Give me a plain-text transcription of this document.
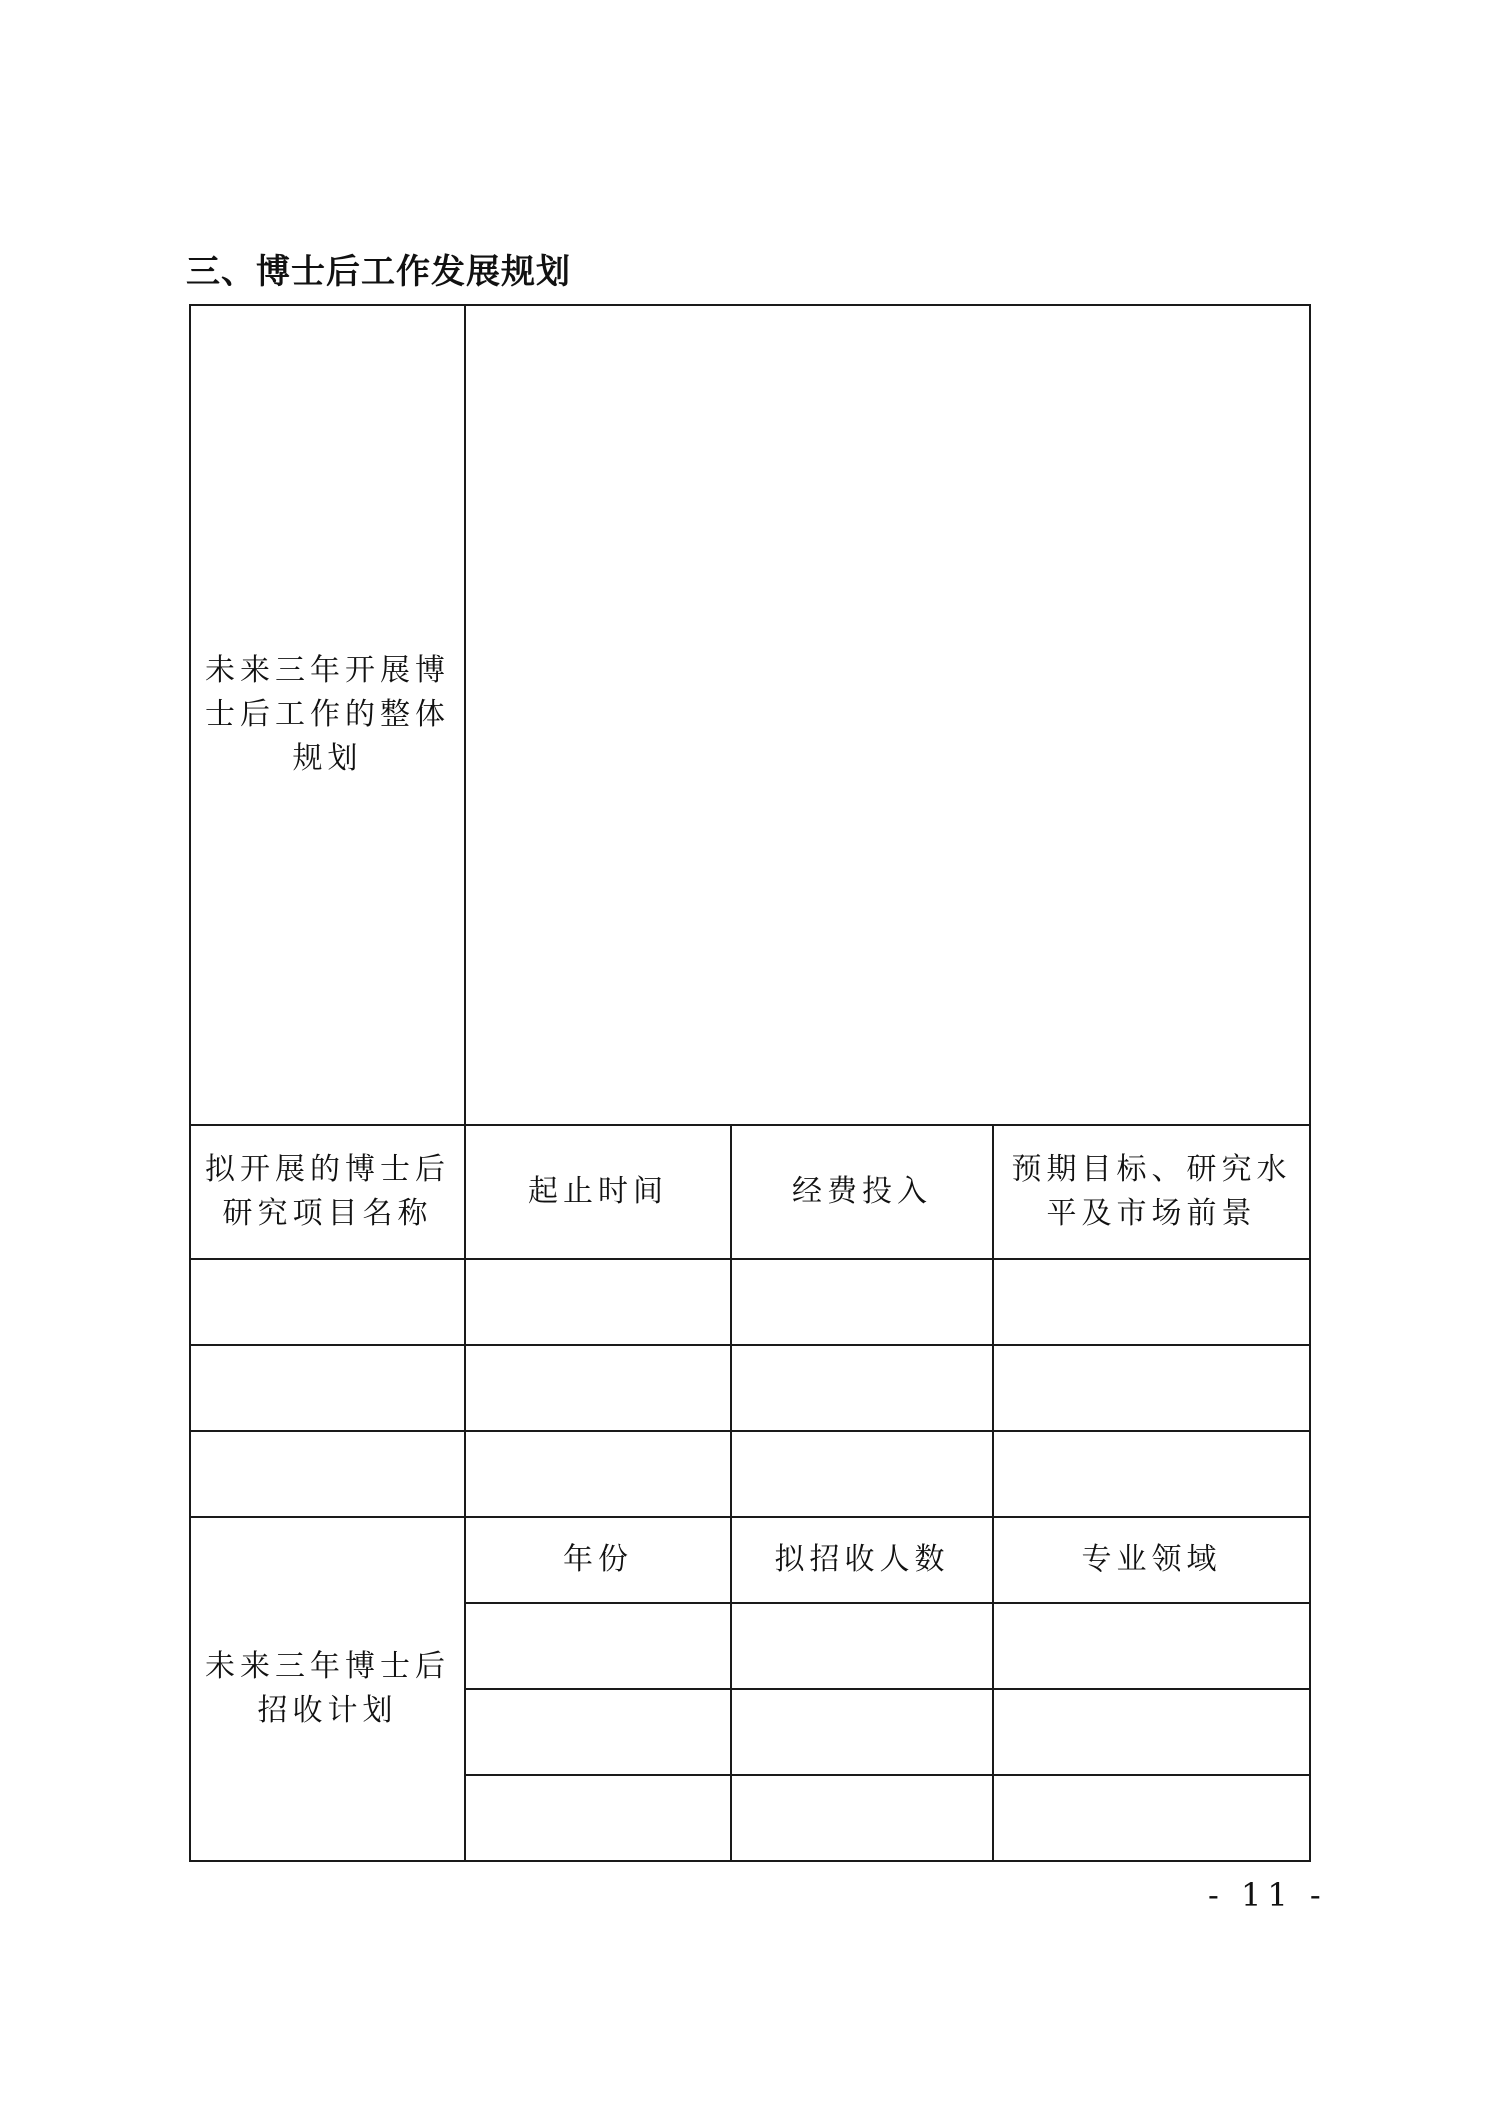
三、博士后工作发展规划
未来三年开展博士后工作的整体规划			
拟开展的博士后研究项目名称	起止时间	经费投入	预期目标、研究水平及市场前景

未来三年博士后招收计划	年份	拟招收人数	专业领域

- 11 -
